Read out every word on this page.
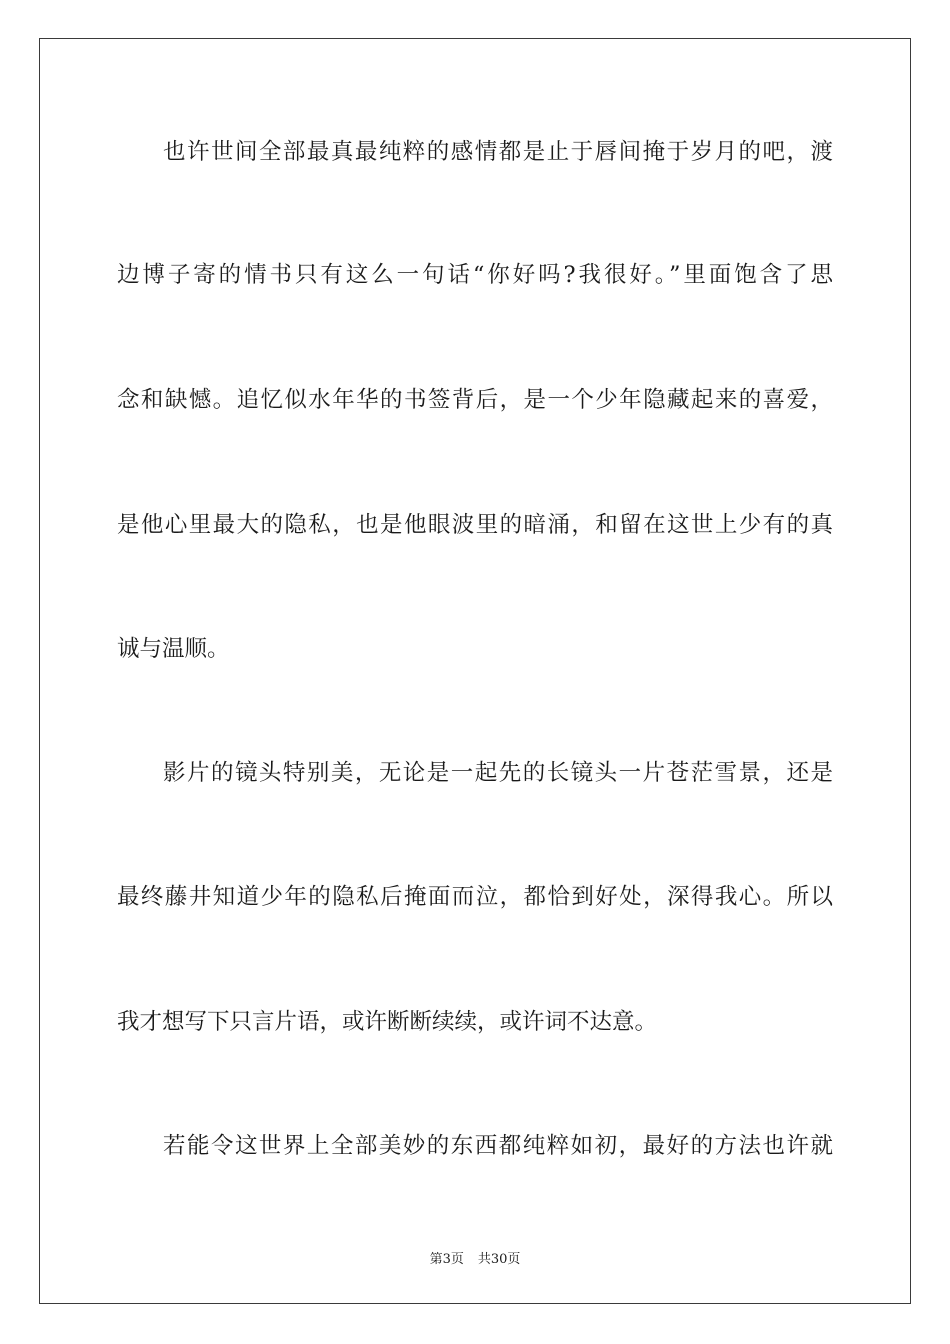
也许世间全部最真最纯粹的感情都是止于唇间掩于岁月的吧，渡
边博子寄的情书只有这么一句话“你好吗?我很好。”里面饱含了思
念和缺憾。追忆似水年华的书签背后，是一个少年隐藏起来的喜爱，
是他心里最大的隐私，也是他眼波里的暗涌，和留在这世上少有的真
诚与温顺。
影片的镜头特别美，无论是一起先的长镜头一片苍茫雪景，还是
最终藤井知道少年的隐私后掩面而泣，都恰到好处，深得我心。所以
我才想写下只言片语，或许断断续续，或许词不达意。
若能令这世界上全部美妙的东西都纯粹如初，最好的方法也许就
第3页 共30页
